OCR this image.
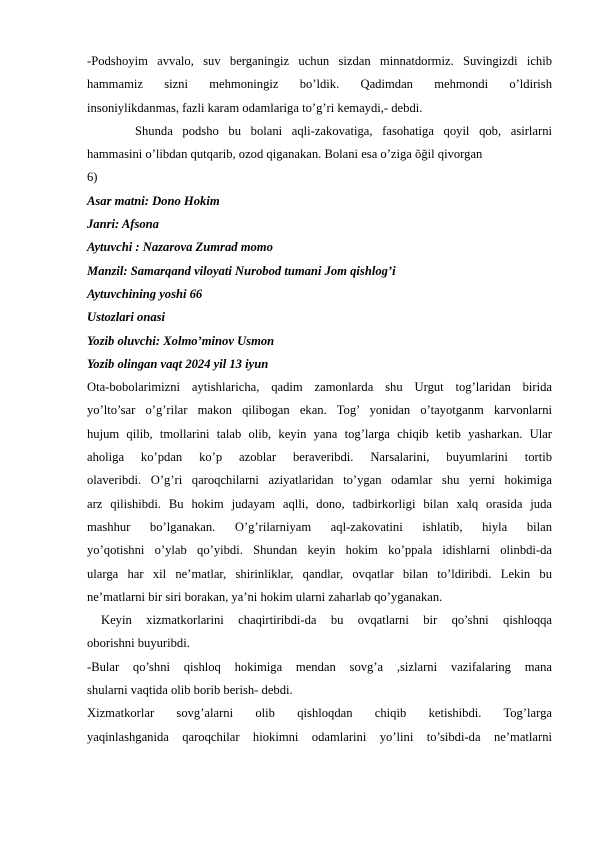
-Podshoyim avvalo, suv berganingiz uchun sizdan minnatdormiz. Suvingizdi ichib

hammamiz sizni mehmoningiz bo’ldik. Qadimdan mehmondi o’ldirish

insoniylikdanmas, fazli karam odamlariga to’g’ri kemaydi,- debdi.

Shunda podsho bu bolani aqli-zakovatiga, fasohatiga qoyil qob, asirlarni

hammasini o’libdan qutqarib, ozod qiganakan. Bolani esa o’ziga ŏğil qivorgan

6)

Asar matni: Dono Hokim

Janri: Afsona

Aytuvchi : Nazarova Zumrad momo

Manzil: Samarqand viloyati Nurobod tumani Jom qishlog’i

Aytuvchining yoshi 66

Ustozlari onasi

Yozib oluvchi: Xolmo’minov Usmon

Yozib olingan vaqt 2024 yil 13 iyun

Ota-bobolarimizni aytishlaricha, qadim zamonlarda shu Urgut tog’laridan birida

yo’lto’sar o’g’rilar makon qilibogan ekan. Tog’ yonidan o’tayotganm karvonlarni

hujum qilib, tmollarini talab olib, keyin yana tog’larga chiqib ketib yasharkan. Ular

aholiga ko’pdan ko’p azoblar beraveribdi. Narsalarini, buyumlarini tortib

olaveribdi. O’g’ri qaroqchilarni aziyatlaridan to’ygan odamlar shu yerni hokimiga

arz qilishibdi. Bu hokim judayam aqlli, dono, tadbirkorligi bilan xalq orasida juda

mashhur bo’lganakan. O’g’rilarniyam aql-zakovatini ishlatib, hiyla bilan

yo’qotishni o’ylab qo’yibdi. Shundan keyin hokim ko’ppala idishlarni olinbdi-da

ularga har xil ne’matlar, shirinliklar, qandlar, ovqatlar bilan to’ldiribdi. Lekin bu

ne’matlarni bir siri borakan, ya’ni hokim ularni zaharlab qo’yganakan.

Keyin xizmatkorlarini chaqirtiribdi-da bu ovqatlarni bir qo’shni qishloqqa

oborishni buyuribdi.

-Bular qo’shni qishloq hokimiga mendan sovg’a ,sizlarni vazifalaring mana

shularni vaqtida olib borib berish- debdi.

Xizmatkorlar sovg’alarni olib qishloqdan chiqib ketishibdi. Tog’larga

yaqinlashganida qaroqchilar hiokimni odamlarini yo’lini to’sibdi-da ne’matlarni
